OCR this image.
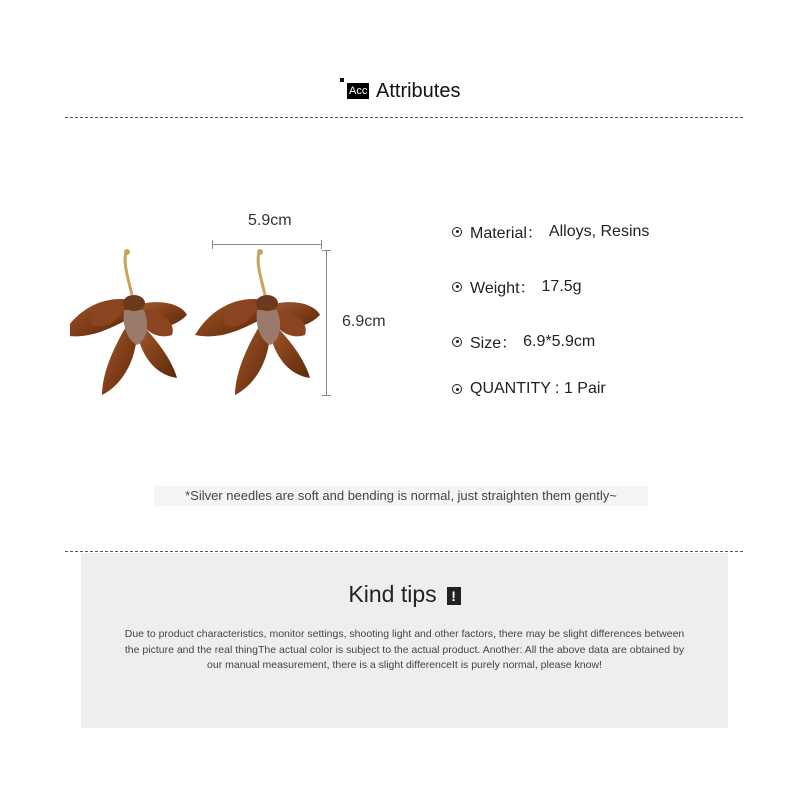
Acc Attributes
5.9cm
6.9cm
Material： Alloys, Resins
Weight： 17.5g
Size： 6.9*5.9cm
QUANTITY : 1 Pair
*Silver needles are soft and bending is normal, just straighten them gently~
Kind tips !
Due to product characteristics, monitor settings, shooting light and other factors, there may be slight differences between the picture and the real thingThe actual color is subject to the actual product. Another: All the above data are obtained by our manual measurement, there is a slight differenceIt is purely normal, please know!
